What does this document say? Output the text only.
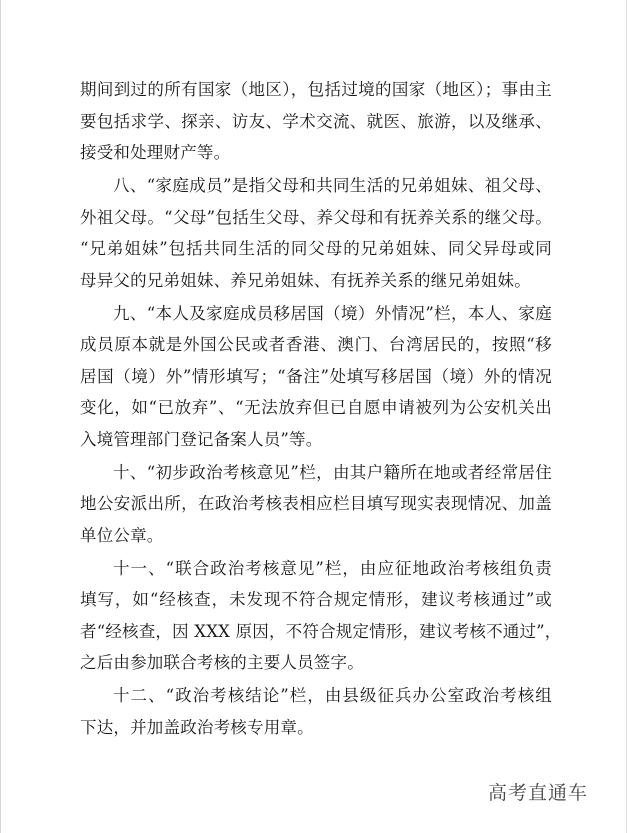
期间到过的所有国家（地区），包括过境的国家（地区）；事由主
要包括求学、探亲、访友、学术交流、就医、旅游，以及继承、
接受和处理财产等。
八、“家庭成员”是指父母和共同生活的兄弟姐妹、祖父母、
外祖父母。“父母”包括生父母、养父母和有抚养关系的继父母。
“兄弟姐妹”包括共同生活的同父母的兄弟姐妹、同父异母或同
母异父的兄弟姐妹、养兄弟姐妹、有抚养关系的继兄弟姐妹。
九、“本人及家庭成员移居国（境）外情况”栏，本人、家庭
成员原本就是外国公民或者香港、澳门、台湾居民的，按照“移
居国（境）外”情形填写；“备注”处填写移居国（境）外的情况
变化，如“已放弃”、“无法放弃但已自愿申请被列为公安机关出
入境管理部门登记备案人员”等。
十、“初步政治考核意见”栏，由其户籍所在地或者经常居住
地公安派出所，在政治考核表相应栏目填写现实表现情况、加盖
单位公章。
十一、“联合政治考核意见”栏，由应征地政治考核组负责
填写，如“经核查，未发现不符合规定情形，建议考核通过”或
者“经核查，因 XXX 原因，不符合规定情形，建议考核不通过”，
之后由参加联合考核的主要人员签字。
十二、“政治考核结论”栏，由县级征兵办公室政治考核组
下达，并加盖政治考核专用章。
高考直通车
